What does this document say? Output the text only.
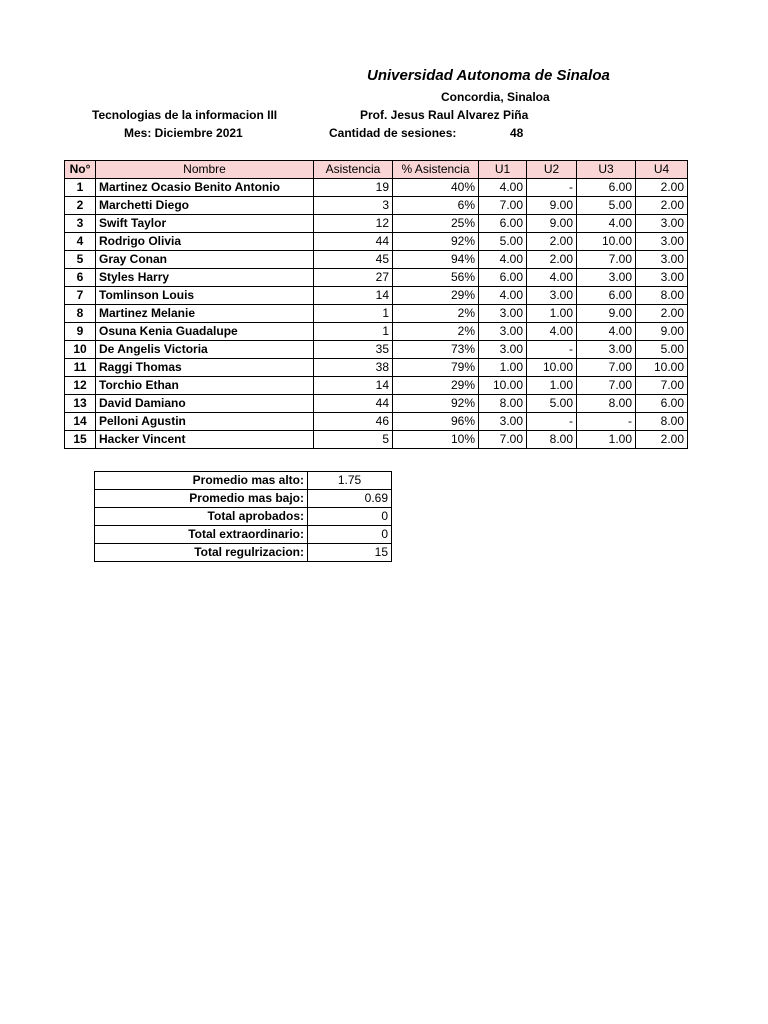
Universidad Autonoma de Sinaloa
Concordia, Sinaloa
Tecnologias de la informacion III	Prof. Jesus Raul Alvarez Piña
Mes: Diciembre 2021	Cantidad de sesiones:	48
No°	Nombre	Asistencia	% Asistencia	U1	U2	U3	U4
1	Martinez Ocasio Benito Antonio	19	40%	4.00	-	6.00	2.00
2	Marchetti Diego	3	6%	7.00	9.00	5.00	2.00
3	Swift Taylor	12	25%	6.00	9.00	4.00	3.00
4	Rodrigo Olivia	44	92%	5.00	2.00	10.00	3.00
5	Gray Conan	45	94%	4.00	2.00	7.00	3.00
6	Styles Harry	27	56%	6.00	4.00	3.00	3.00
7	Tomlinson Louis	14	29%	4.00	3.00	6.00	8.00
8	Martinez Melanie	1	2%	3.00	1.00	9.00	2.00
9	Osuna Kenia Guadalupe	1	2%	3.00	4.00	4.00	9.00
10	De Angelis Victoria	35	73%	3.00	-	3.00	5.00
11	Raggi Thomas	38	79%	1.00	10.00	7.00	10.00
12	Torchio Ethan	14	29%	10.00	1.00	7.00	7.00
13	David Damiano	44	92%	8.00	5.00	8.00	6.00
14	Pelloni Agustin	46	96%	3.00	-	-	8.00
15	Hacker Vincent	5	10%	7.00	8.00	1.00	2.00
Promedio mas alto:	1.75
Promedio mas bajo:	0.69
Total aprobados:	0
Total extraordinario:	0
Total regulrizacion:	15
